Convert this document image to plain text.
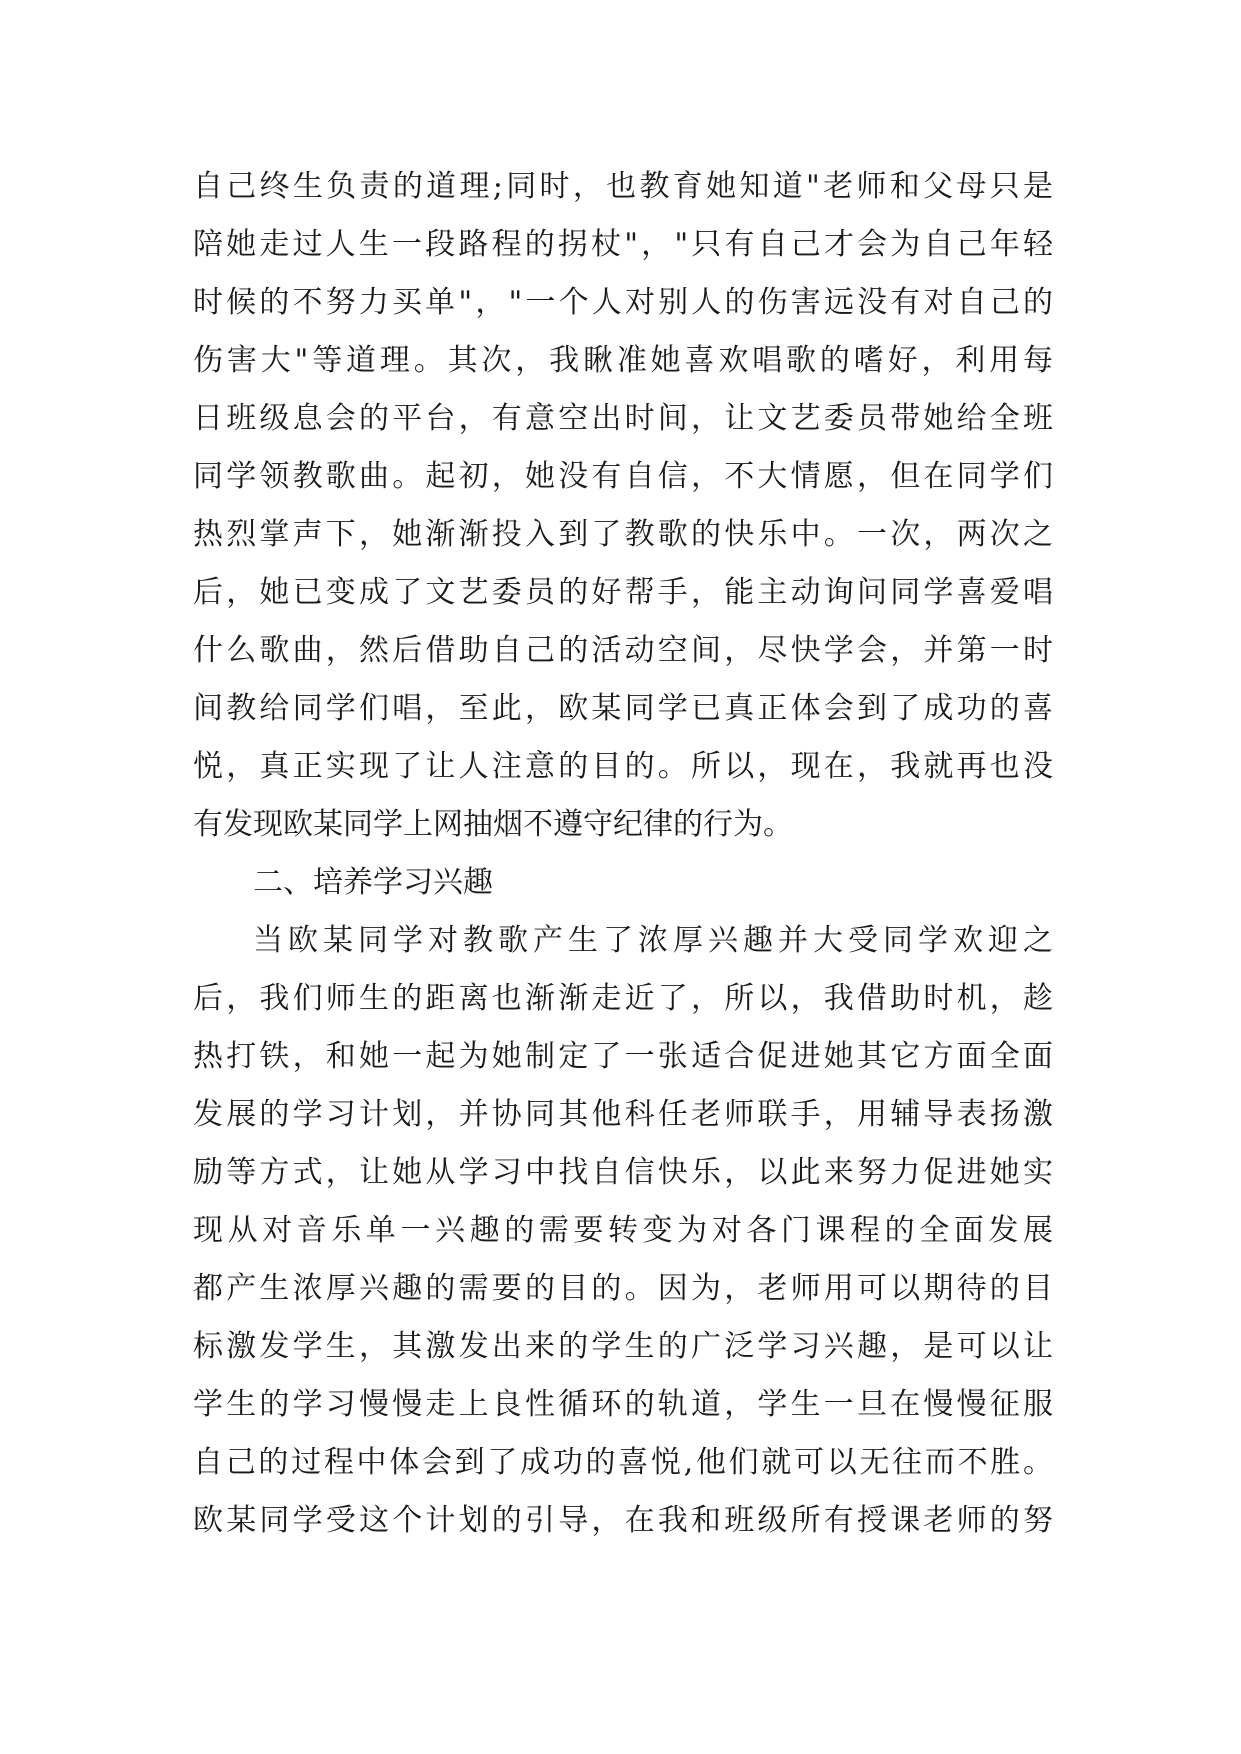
自己终生负责的道理;同时，也教育她知道"老师和父母只是
陪她走过人生一段路程的拐杖"，"只有自己才会为自己年轻
时候的不努力买单"，"一个人对别人的伤害远没有对自己的
伤害大"等道理。其次，我瞅准她喜欢唱歌的嗜好，利用每
日班级息会的平台，有意空出时间，让文艺委员带她给全班
同学领教歌曲。起初，她没有自信，不大情愿，但在同学们
热烈掌声下，她渐渐投入到了教歌的快乐中。一次，两次之
后，她已变成了文艺委员的好帮手，能主动询问同学喜爱唱
什么歌曲，然后借助自己的活动空间，尽快学会，并第一时
间教给同学们唱，至此，欧某同学已真正体会到了成功的喜
悦，真正实现了让人注意的目的。所以，现在，我就再也没
有发现欧某同学上网抽烟不遵守纪律的行为。
二、培养学习兴趣
当欧某同学对教歌产生了浓厚兴趣并大受同学欢迎之
后，我们师生的距离也渐渐走近了，所以，我借助时机，趁
热打铁，和她一起为她制定了一张适合促进她其它方面全面
发展的学习计划，并协同其他科任老师联手，用辅导表扬激
励等方式，让她从学习中找自信快乐，以此来努力促进她实
现从对音乐单一兴趣的需要转变为对各门课程的全面发展
都产生浓厚兴趣的需要的目的。因为，老师用可以期待的目
标激发学生，其激发出来的学生的广泛学习兴趣，是可以让
学生的学习慢慢走上良性循环的轨道，学生一旦在慢慢征服
自己的过程中体会到了成功的喜悦,他们就可以无往而不胜。
欧某同学受这个计划的引导，在我和班级所有授课老师的努
